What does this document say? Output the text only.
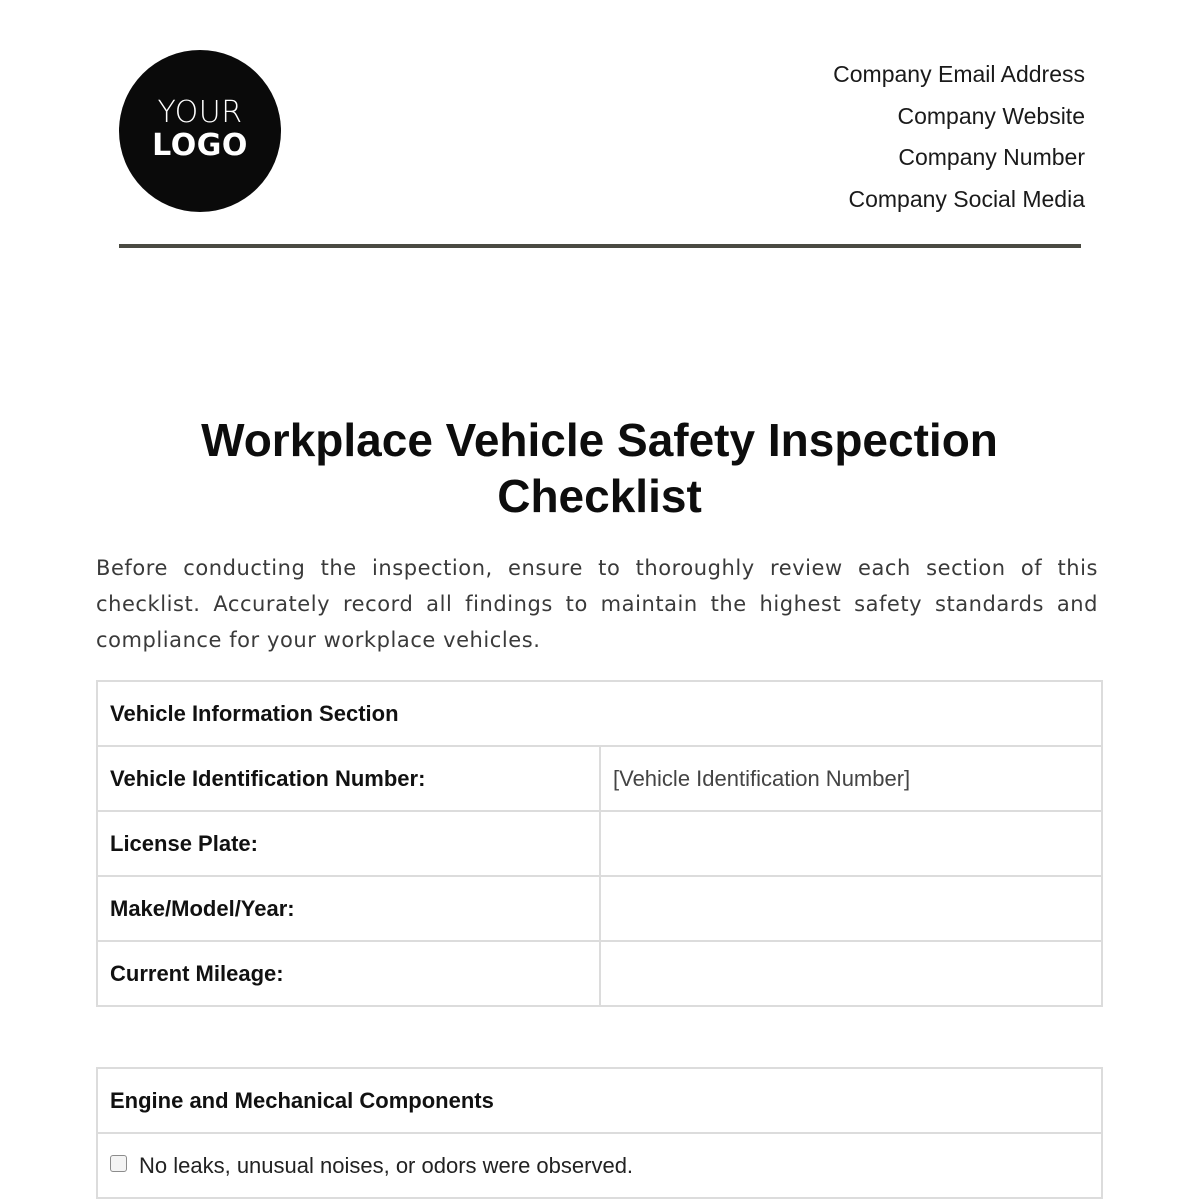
YOUR
LOGO
Company Email Address
Company Website
Company Number
Company Social Media
Workplace Vehicle Safety Inspection
Checklist

Before conducting the inspection, ensure to thoroughly review each section of this checklist. Accurately record all findings to maintain the highest safety standards and compliance for your workplace vehicles.

Vehicle Information Section	
Vehicle Identification Number:	[Vehicle Identification Number]
License Plate:	
Make/Model/Year:	
Current Mileage:	
Engine and Mechanical Components

No leaks, unusual noises, or odors were observed.
